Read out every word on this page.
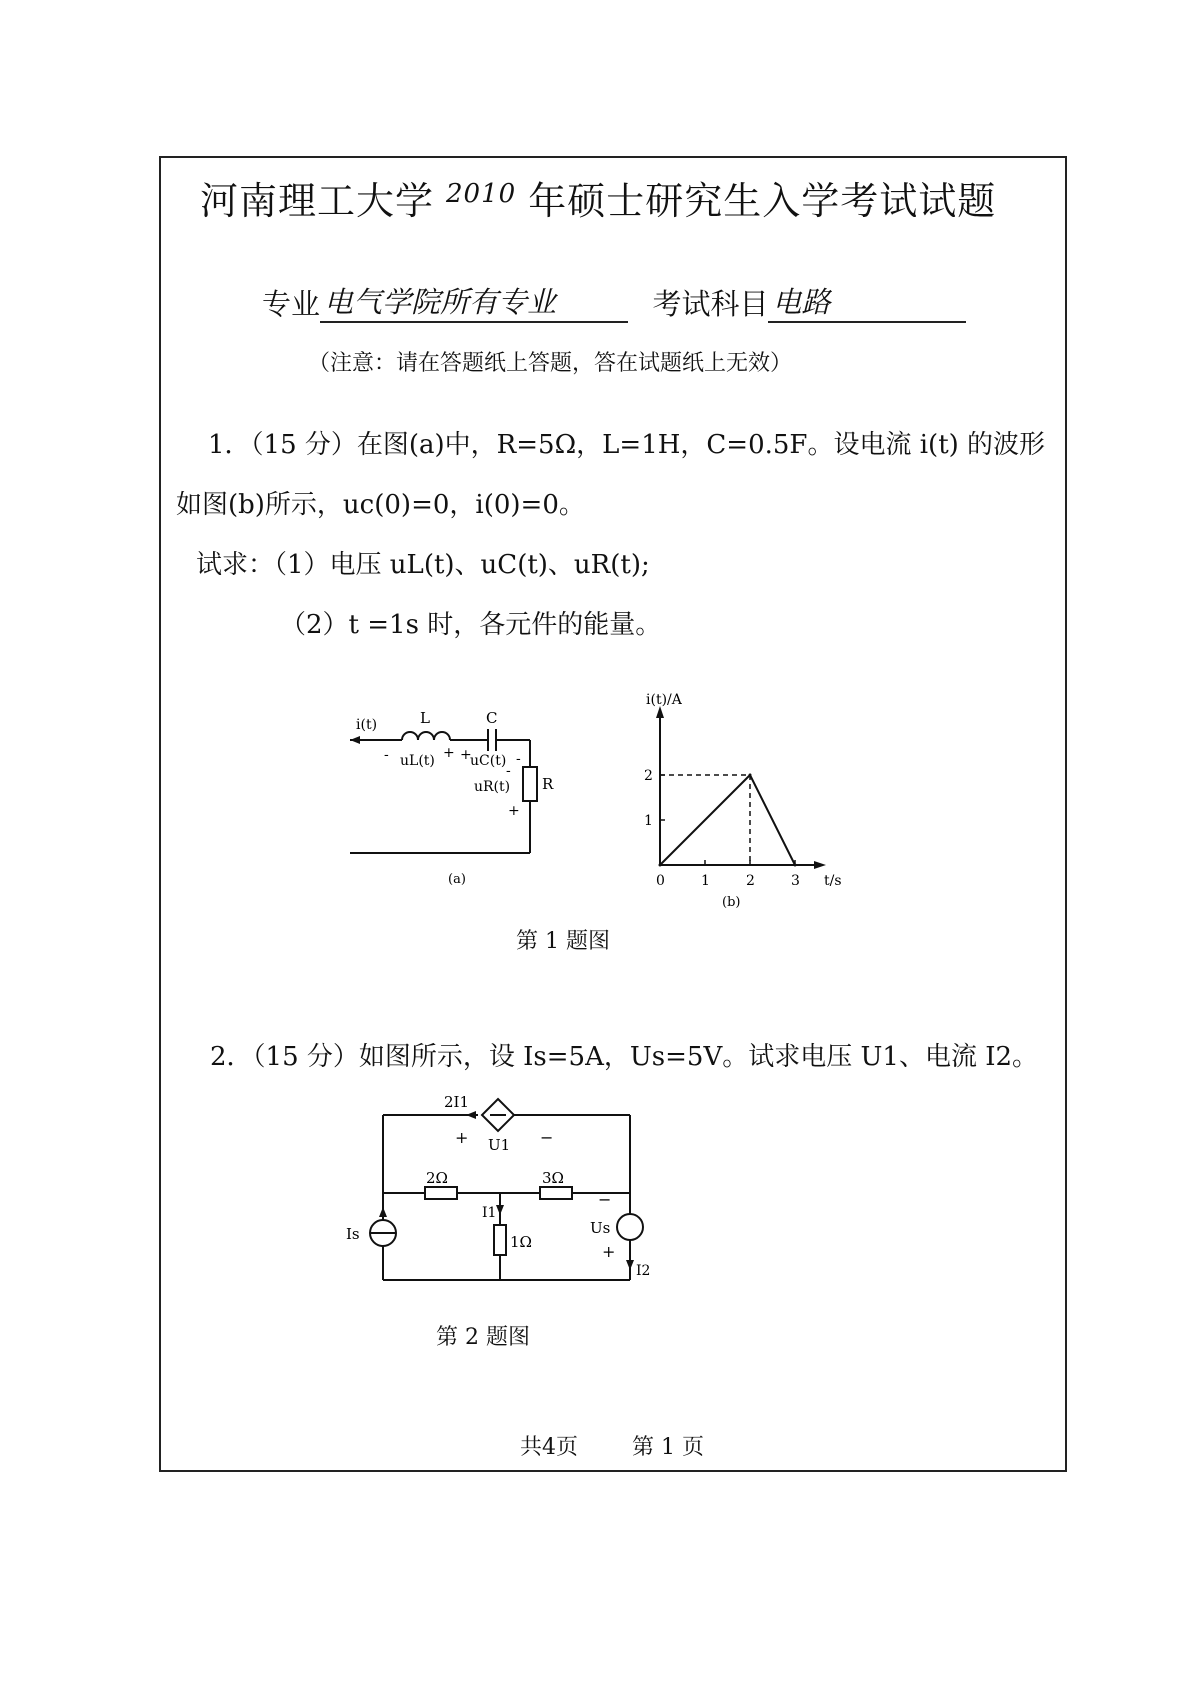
河南理工大学 $^{2010}$ 年硕士研究生入学考试试题
专业 电气学院所有专业	考试科目 电路
（注意：请在答题纸上答题，答在试题纸上无效）
1．（15 分）在图(a)中，R=5Ω，L=1H，C=0.5F。设电流 i(t) 的波形
如图(b)所示，uc(0)=0，i(0)=0。
试求：（1）电压 uL(t)、uC(t)、uR(t);
（2）t =1s 时，各元件的能量。
i(t)	L	C
- uL(t) + +
uC(t) -
-
uR(t) R
+
(a)
i(t)/A
t/s
0	1	2	3
1
2
(b)
第 1 题图
2．（15 分）如图所示，设 Is=5A，Us=5V。试求电压 U1、电流 I2。
2I1
+ U1 −
2Ω	3Ω
I1
1Ω
Is
−
Us
+
I2
第 2 题图
共4页 第 1 页
